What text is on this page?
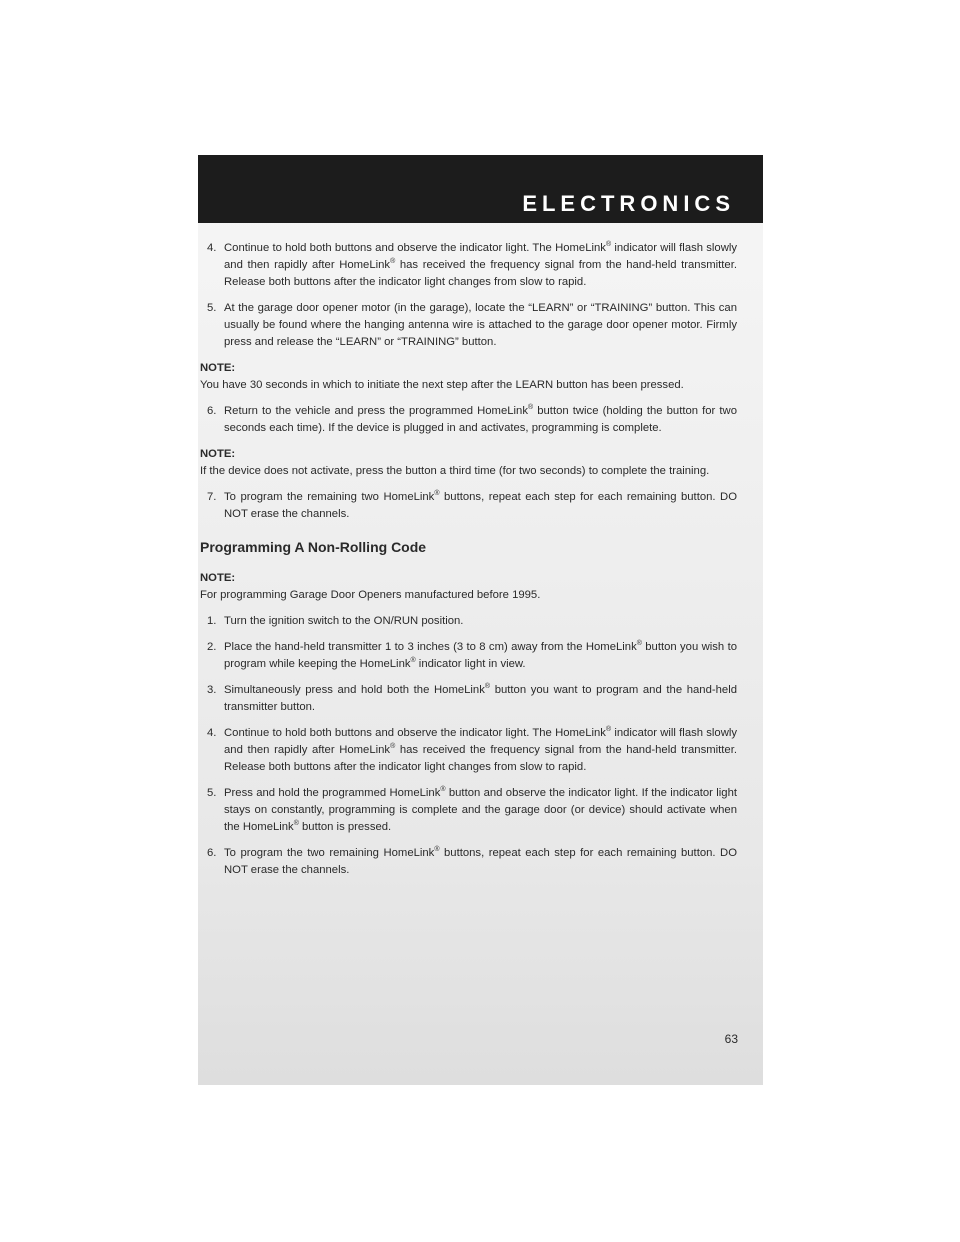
ELECTRONICS

4. Continue to hold both buttons and observe the indicator light. The HomeLink® indicator will flash slowly and then rapidly after HomeLink® has received the frequency signal from the hand-held transmitter. Release both buttons after the indicator light changes from slow to rapid.

5. At the garage door opener motor (in the garage), locate the “LEARN” or “TRAINING” button. This can usually be found where the hanging antenna wire is attached to the garage door opener motor. Firmly press and release the “LEARN” or “TRAINING” button.

NOTE:

You have 30 seconds in which to initiate the next step after the LEARN button has been pressed.

6. Return to the vehicle and press the programmed HomeLink® button twice (holding the button for two seconds each time). If the device is plugged in and activates, programming is complete.

NOTE:

If the device does not activate, press the button a third time (for two seconds) to complete the training.

7. To program the remaining two HomeLink® buttons, repeat each step for each remaining button. DO NOT erase the channels.

Programming A Non-Rolling Code
NOTE:

For programming Garage Door Openers manufactured before 1995.

1. Turn the ignition switch to the ON/RUN position.

2. Place the hand-held transmitter 1 to 3 inches (3 to 8 cm) away from the HomeLink® button you wish to program while keeping the HomeLink® indicator light in view.

3. Simultaneously press and hold both the HomeLink® button you want to program and the hand-held transmitter button.

4. Continue to hold both buttons and observe the indicator light. The HomeLink® indicator will flash slowly and then rapidly after HomeLink® has received the frequency signal from the hand-held transmitter. Release both buttons after the indicator light changes from slow to rapid.

5. Press and hold the programmed HomeLink® button and observe the indicator light. If the indicator light stays on constantly, programming is complete and the garage door (or device) should activate when the HomeLink® button is pressed.

6. To program the two remaining HomeLink® buttons, repeat each step for each remaining button. DO NOT erase the channels.

63
